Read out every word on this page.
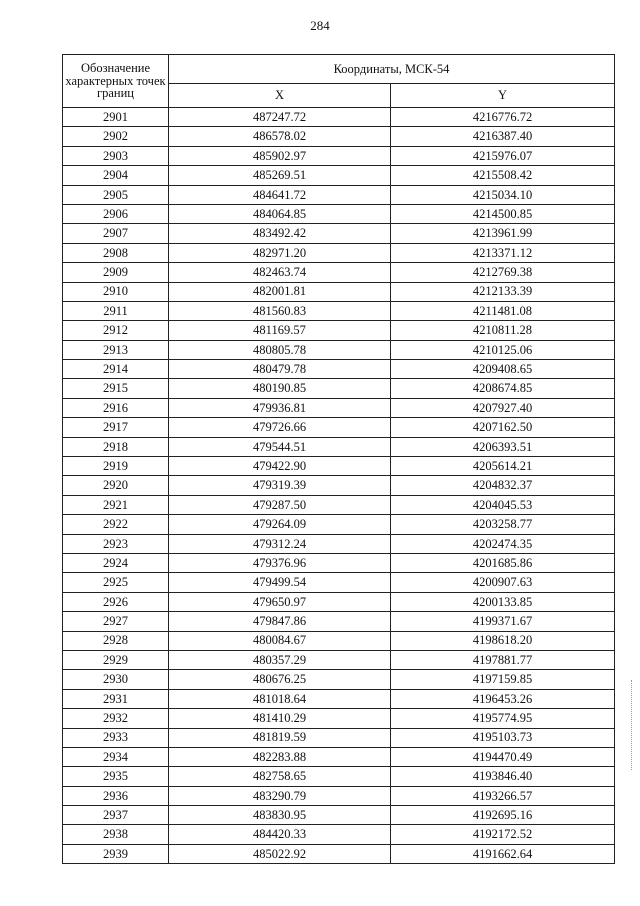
284
Обозначение характерных точек границ	Координаты, МСК-54	
	X	Y
2901	487247.72	4216776.72
2902	486578.02	4216387.40
2903	485902.97	4215976.07
2904	485269.51	4215508.42
2905	484641.72	4215034.10
2906	484064.85	4214500.85
2907	483492.42	4213961.99
2908	482971.20	4213371.12
2909	482463.74	4212769.38
2910	482001.81	4212133.39
2911	481560.83	4211481.08
2912	481169.57	4210811.28
2913	480805.78	4210125.06
2914	480479.78	4209408.65
2915	480190.85	4208674.85
2916	479936.81	4207927.40
2917	479726.66	4207162.50
2918	479544.51	4206393.51
2919	479422.90	4205614.21
2920	479319.39	4204832.37
2921	479287.50	4204045.53
2922	479264.09	4203258.77
2923	479312.24	4202474.35
2924	479376.96	4201685.86
2925	479499.54	4200907.63
2926	479650.97	4200133.85
2927	479847.86	4199371.67
2928	480084.67	4198618.20
2929	480357.29	4197881.77
2930	480676.25	4197159.85
2931	481018.64	4196453.26
2932	481410.29	4195774.95
2933	481819.59	4195103.73
2934	482283.88	4194470.49
2935	482758.65	4193846.40
2936	483290.79	4193266.57
2937	483830.95	4192695.16
2938	484420.33	4192172.52
2939	485022.92	4191662.64
